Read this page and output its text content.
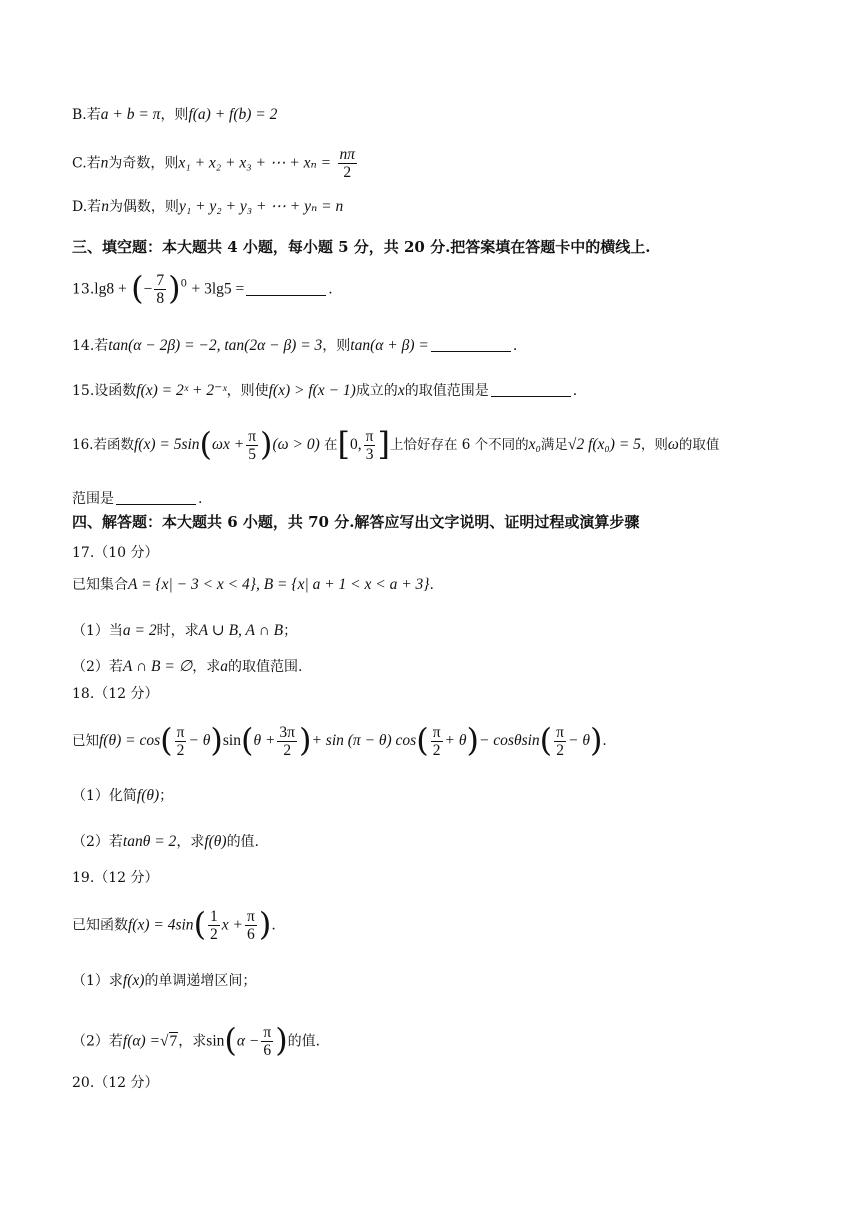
B.若a + b = π，则f(a) + f(b) = 2
C.若n为奇数，则x₁ + x₂ + x₃ + ⋯ + $x_n = \frac{n\pi}{2}$
D.若n为偶数，则y₁ + y₂ + y₃ + ⋯ + yₙ = n
三、填空题：本大题共 4 小题，每小题 5 分，共 20 分.把答案填在答题卡中的横线上.
13.lg8 + (− $\frac{7}{8} )^0 + 3\lg 5$ =	.
14.若tan(α − 2β) = −2, tan(2α − β) = 3，则tan(α + β) =	.
15.设函数f(x) = 2ˣ + 2⁻ˣ，则使f(x) > f(x − 1)成立的x的取值范围是	.
16.若函数$f(x) = 5\sin(\omega x + \frac{\pi}{5} )(\omega > 0)$ 在[0, $\frac{\pi}{3}$ ]上恰好存在 6 个不同的x₀满足√2 f(x₀) = 5，则ω的取值
范围是	.
四、解答题：本大题共 6 小题，共 70 分.解答应写出文字说明、证明过程或演算步骤
17.（10 分）
已知集合A = {x| − 3 < x < 4}, B = {x| a + 1 < x < a + 3}.
（1）当a = 2时，求A ∪ B, A ∩ B；
（2）若A ∩ B = ∅，求a的取值范围.
18.（12 分）
已知$f(\theta) = \cos( \frac{\pi}{2} - \theta)\sin(\theta + \frac{3\pi}{2}$ )+ sin (π − θ) $\cos( \frac{\pi}{2} + \theta)- \cos\theta\sin( \frac{\pi}{2} - \theta)$.
（1）化简f(θ)；
（2）若tanθ = 2，求f(θ)的值.
19.（12 分）
已知函数$f(x) = 4\sin( \frac{1}{2}$ $x + \frac{\pi}{6}$ ).
（1）求f(x)的单调递增区间；
（2）若f(α) =√7，求$\sin(\alpha - \frac{\pi}{6}$ )的值.
20.（12 分）
